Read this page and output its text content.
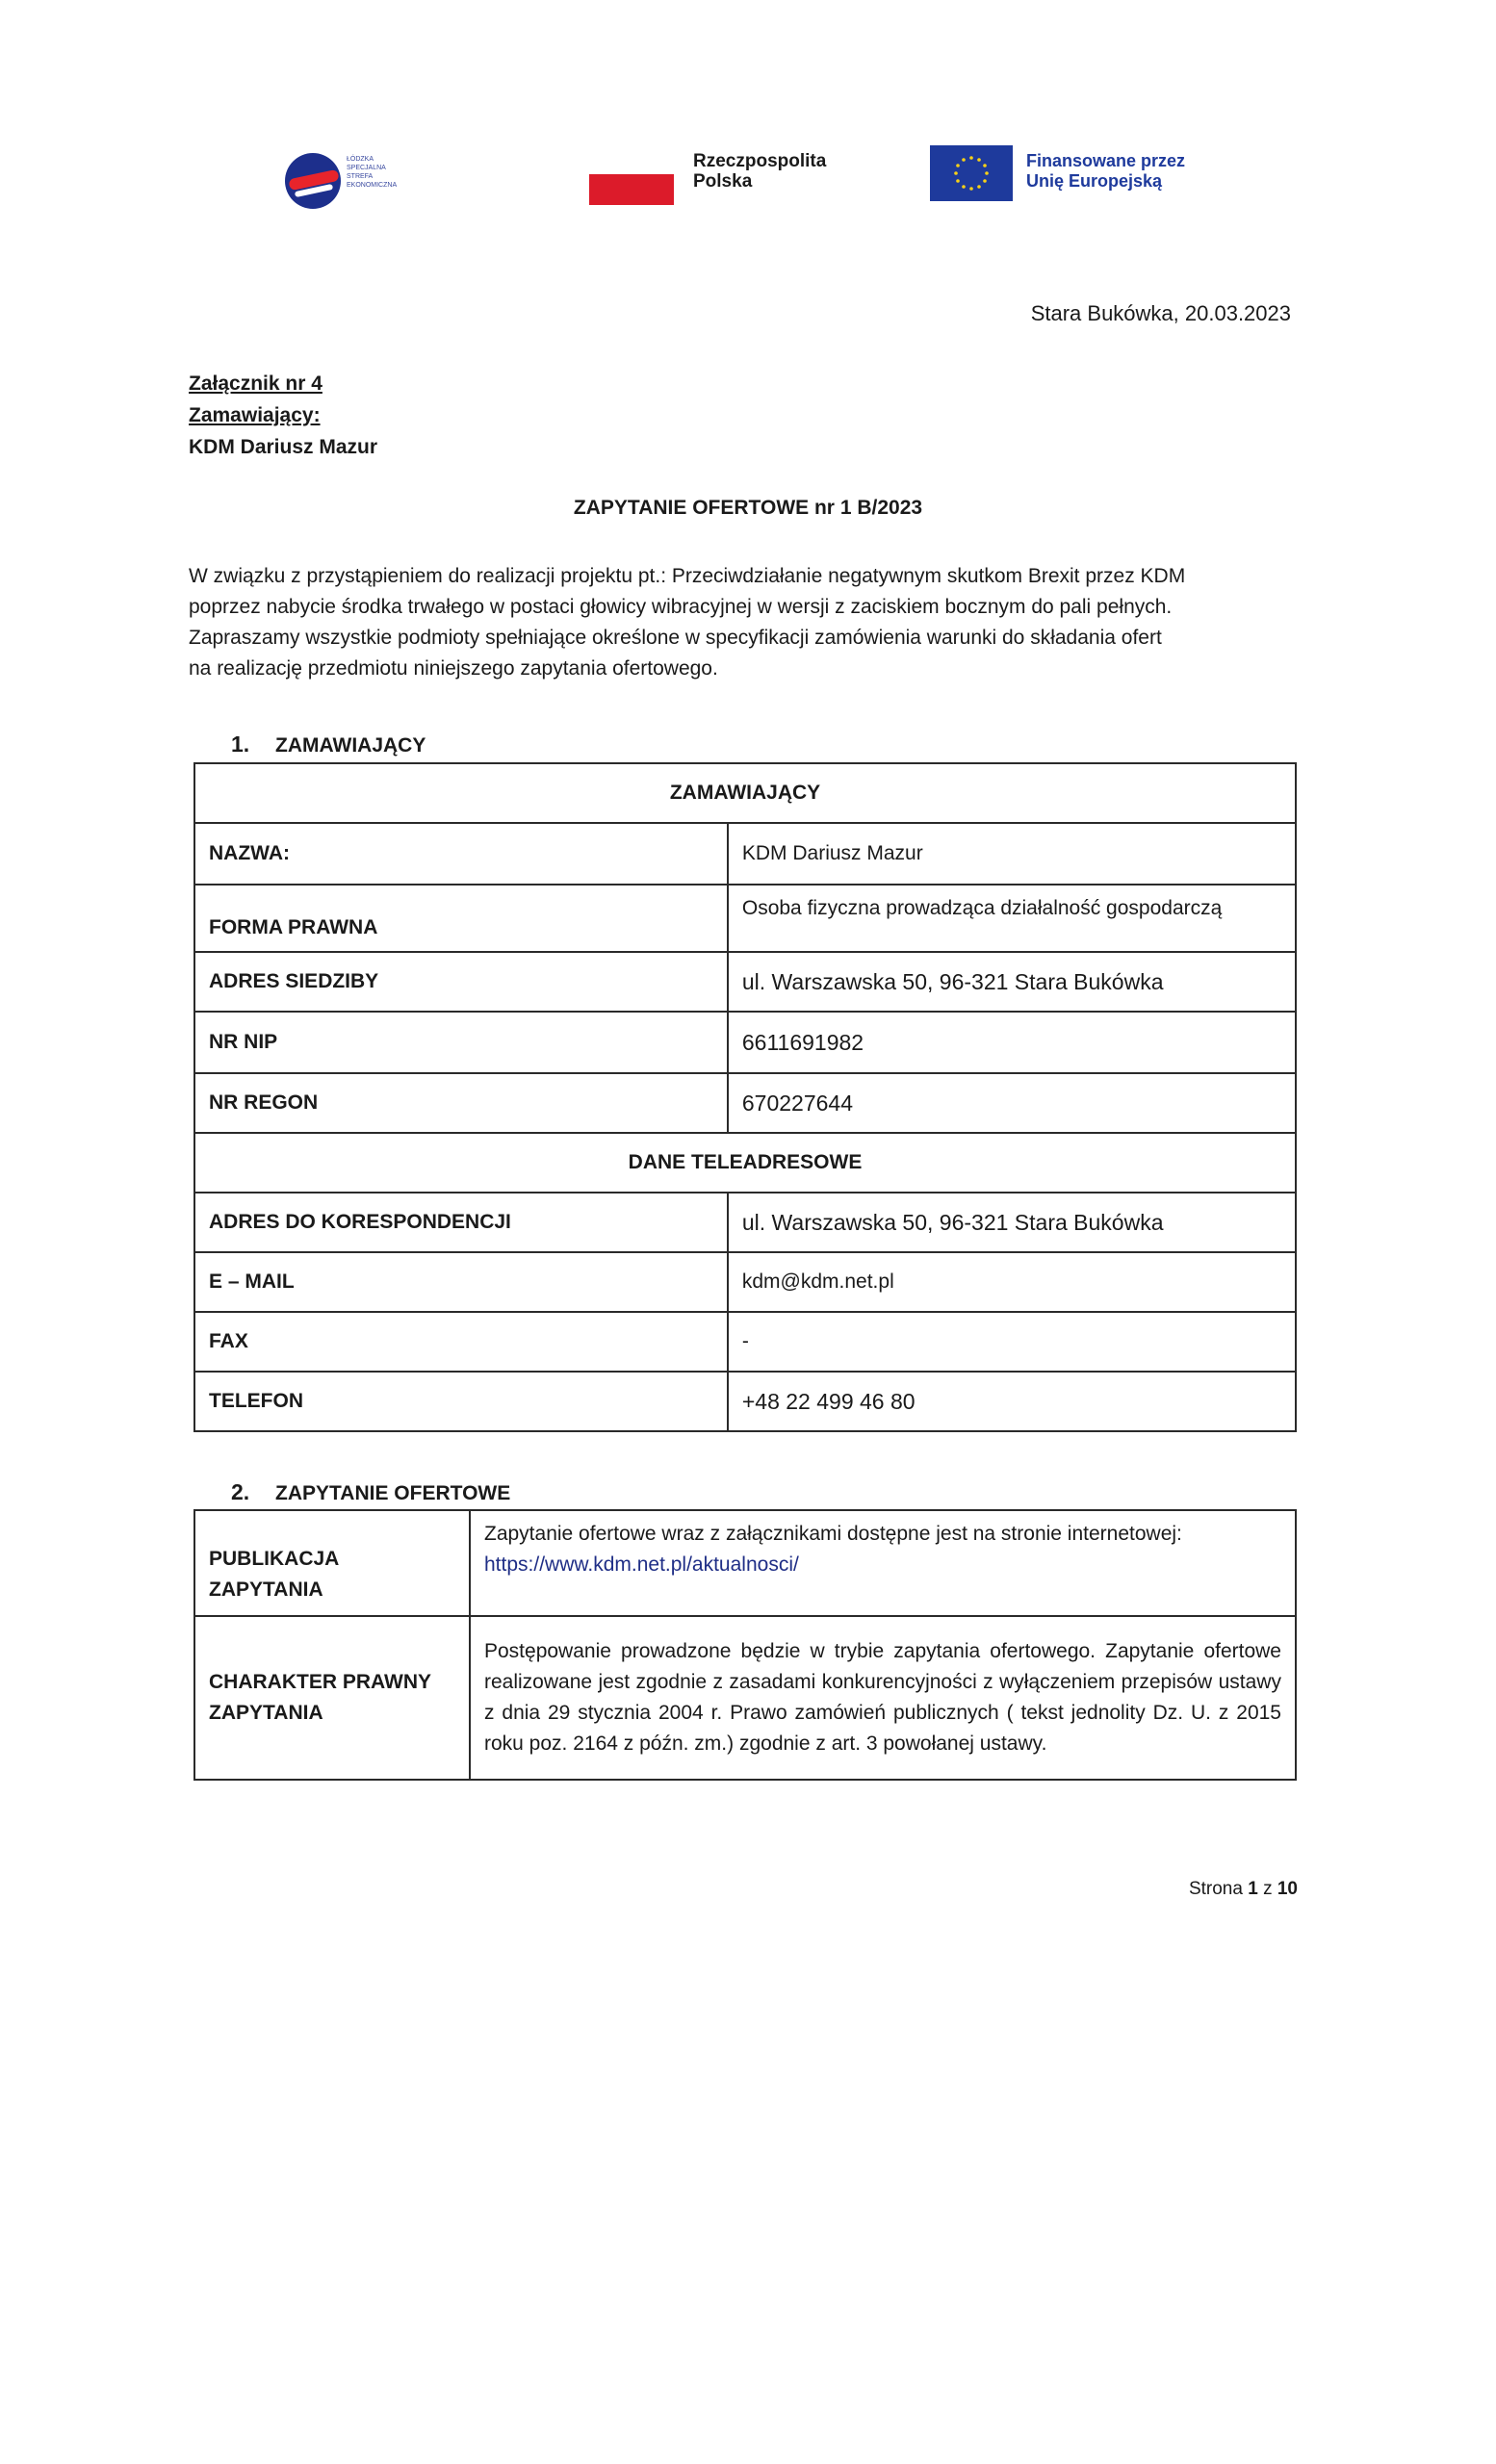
ŁÓDZKA
SPECJALNA
STREFA
EKONOMICZNA
Rzeczpospolita
Polska
Finansowane przez
Unię Europejską
Stara Bukówka, 20.03.2023
Załącznik nr 4
Zamawiający:
KDM Dariusz Mazur
ZAPYTANIE OFERTOWE nr 1 B/2023

W związku z przystąpieniem do realizacji projektu pt.: Przeciwdziałanie negatywnym skutkom Brexit przez KDM

poprzez nabycie środka trwałego w postaci głowicy wibracyjnej w wersji z zaciskiem bocznym do pali pełnych.

Zapraszamy wszystkie podmioty spełniające określone w specyfikacji zamówienia warunki do składania ofert

na realizację przedmiotu niniejszego zapytania ofertowego.

1. ZAMAWIAJĄCY
ZAMAWIAJĄCY	
NAZWA:	KDM Dariusz Mazur
FORMA PRAWNA	Osoba fizyczna prowadząca działalność gospodarczą
ADRES SIEDZIBY	ul. Warszawska 50, 96-321 Stara Bukówka
NR NIP	6611691982
NR REGON	670227644
DANE TELEADRESOWE	
ADRES DO KORESPONDENCJI	ul. Warszawska 50, 96-321 Stara Bukówka
E – MAIL	kdm@kdm.net.pl
FAX	-
TELEFON	+48 22 499 46 80
2. ZAPYTANIE OFERTOWE
PUBLIKACJA ZAPYTANIA	Zapytanie ofertowe wraz z załącznikami dostępne jest na stronie internetowej:
https://www.kdm.net.pl/aktualnosci/

CHARAKTER PRAWNY
ZAPYTANIA	Postępowanie prowadzone będzie w trybie zapytania ofertowego. Zapytanie ofertowe realizowane jest zgodnie z zasadami konkurencyjności z wyłączeniem przepisów ustawy z dnia 29 stycznia 2004 r. Prawo zamówień publicznych ( tekst jednolity Dz. U. z 2015 roku poz. 2164 z późn. zm.) zgodnie z art. 3 powołanej ustawy.
Strona 1 z 10
